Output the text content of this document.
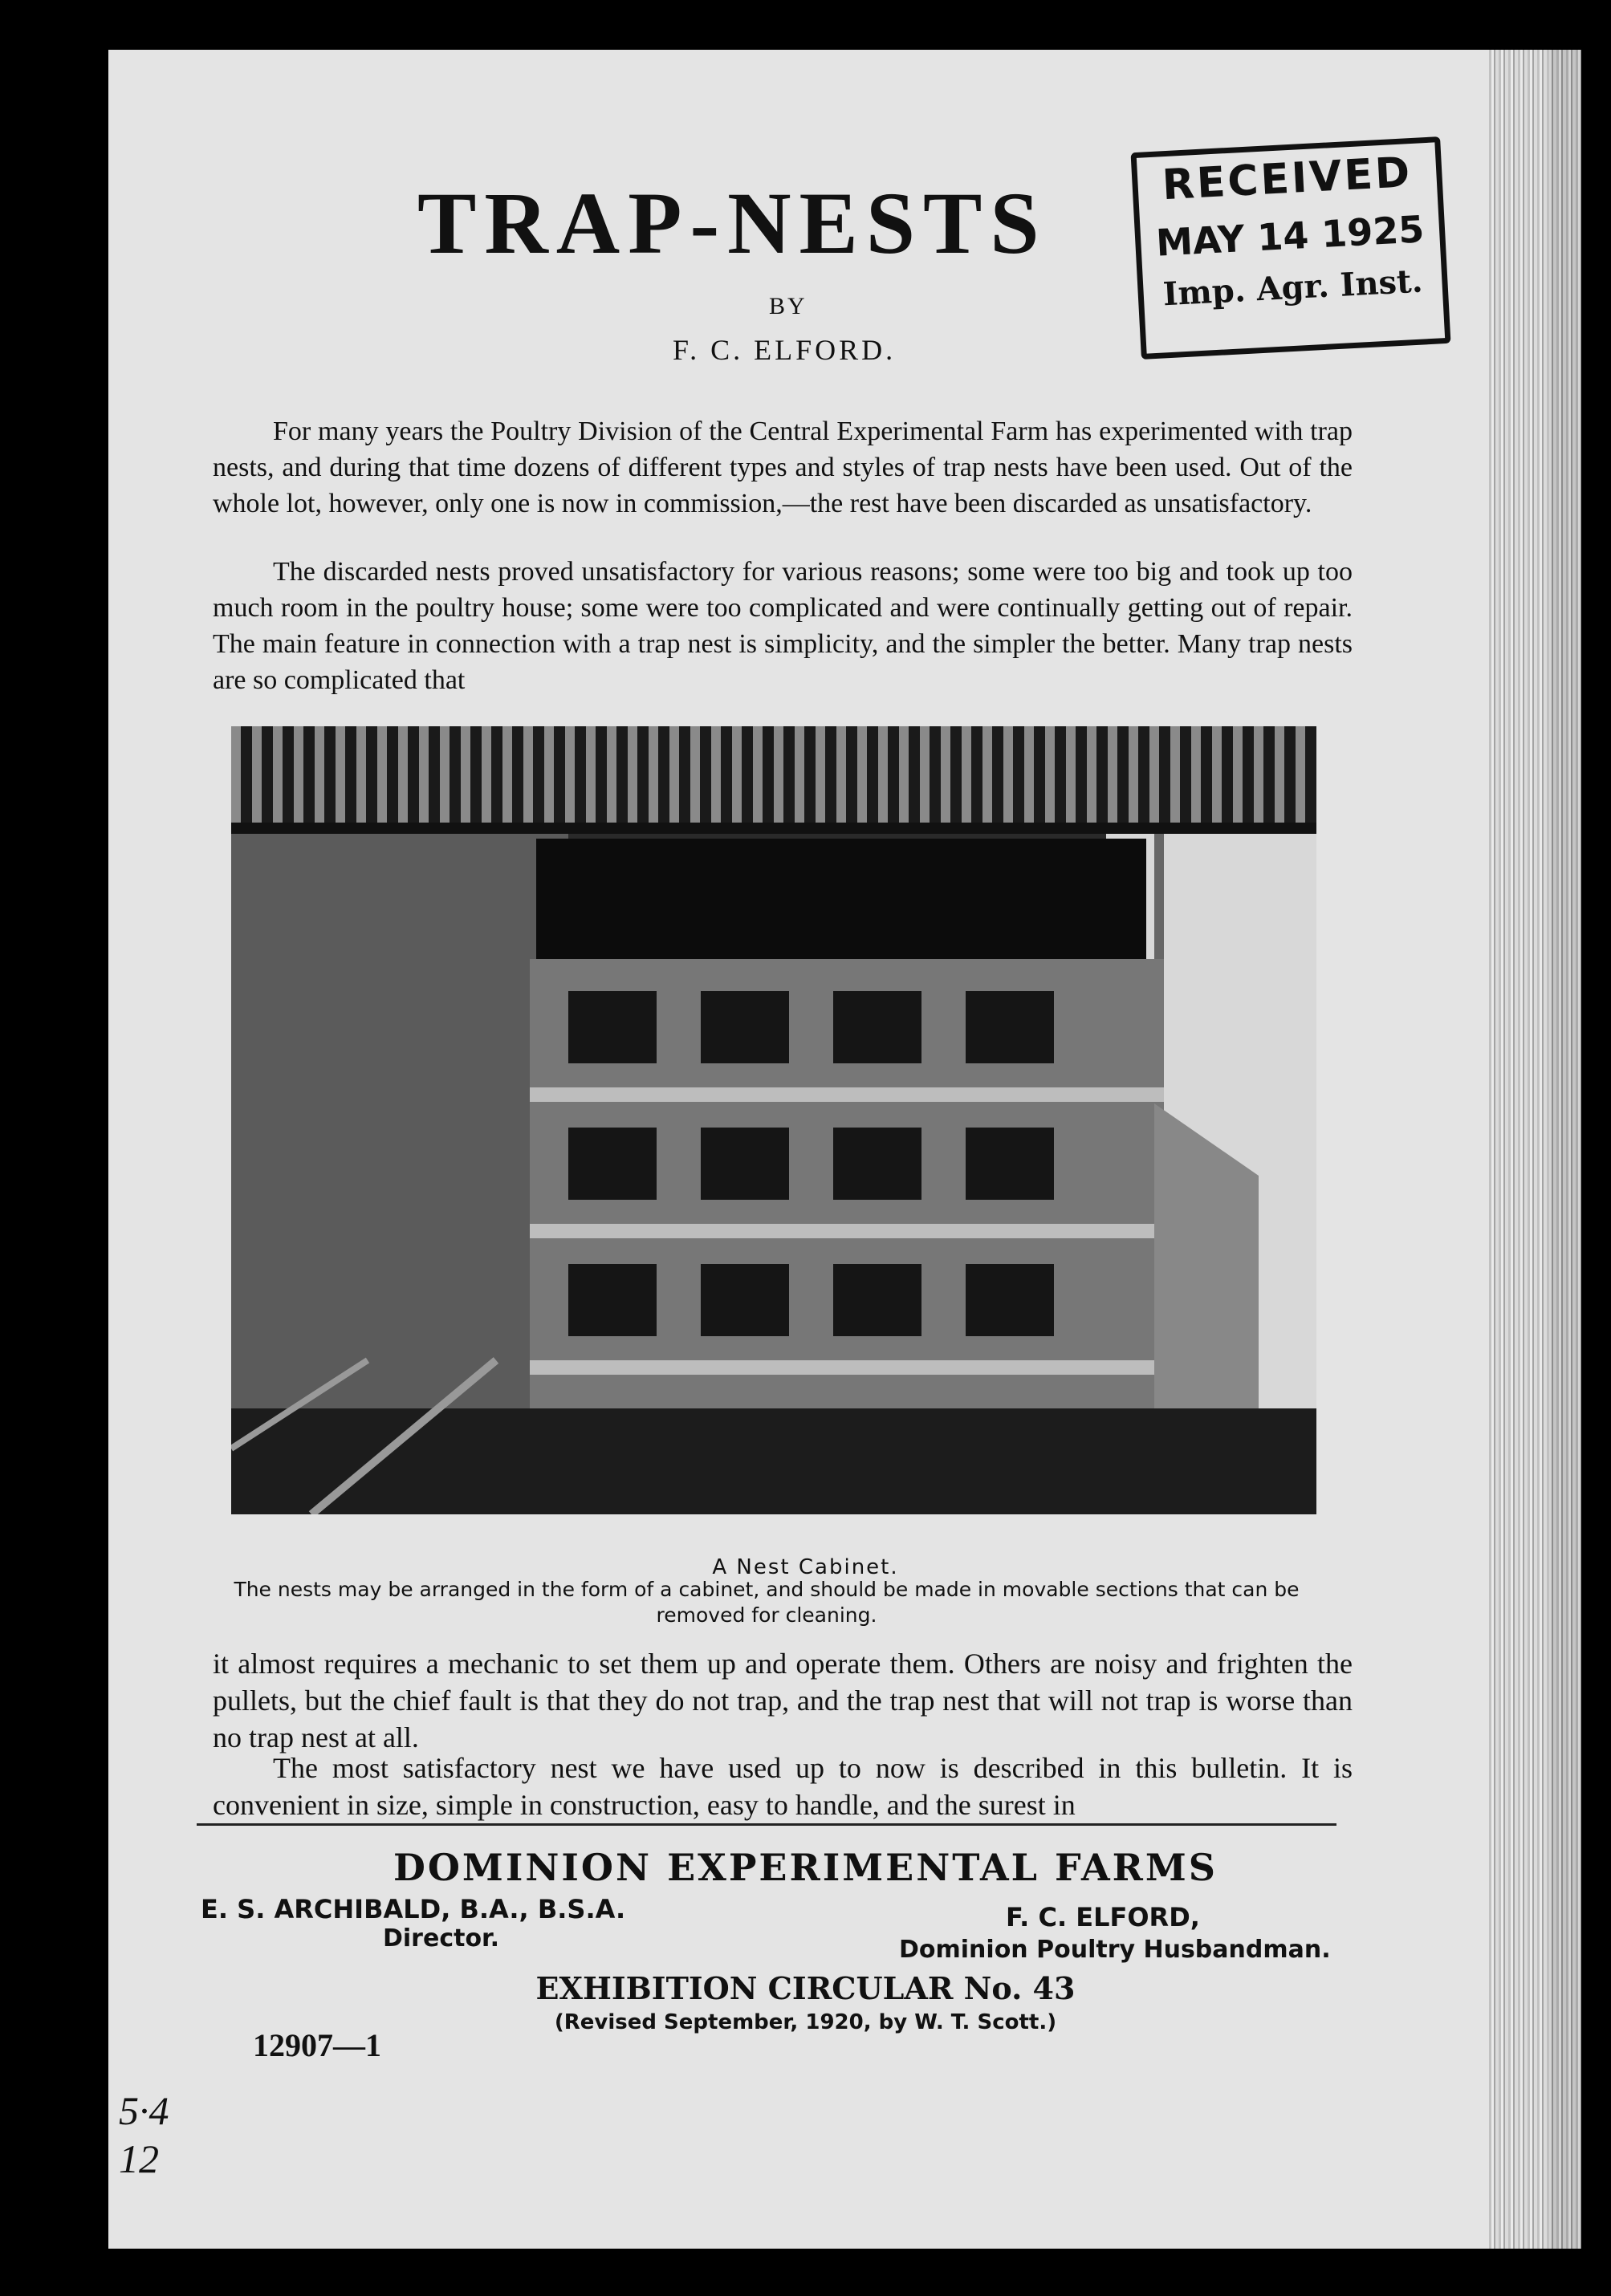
TRAP-NESTS
BY
F. C. ELFORD.
RECEIVED
MAY 14 1925
Imp. Agr. Inst.

For many years the Poultry Division of the Central Experimental Farm has experimented with trap nests, and during that time dozens of different types and styles of trap nests have been used. Out of the whole lot, however, only one is now in commission,—the rest have been discarded as unsatisfactory.

The discarded nests proved unsatisfactory for various reasons; some were too big and took up too much room in the poultry house; some were too complicated and were continually getting out of repair. The main feature in connection with a trap nest is simplicity, and the simpler the better. Many trap nests are so complicated that

A Nest Cabinet.
The nests may be arranged in the form of a cabinet, and should be made in movable sections that can be removed for cleaning.

it almost requires a mechanic to set them up and operate them. Others are noisy and frighten the pullets, but the chief fault is that they do not trap, and the trap nest that will not trap is worse than no trap nest at all.

The most satisfactory nest we have used up to now is described in this bulletin. It is convenient in size, simple in construction, easy to handle, and the surest in

DOMINION EXPERIMENTAL FARMS
E. S. ARCHIBALD, B.A., B.S.A.
Director.
F. C. ELFORD,
Dominion Poultry Husbandman.
EXHIBITION CIRCULAR No. 43
(Revised September, 1920, by W. T. Scott.)
12907—1
5·4
12
